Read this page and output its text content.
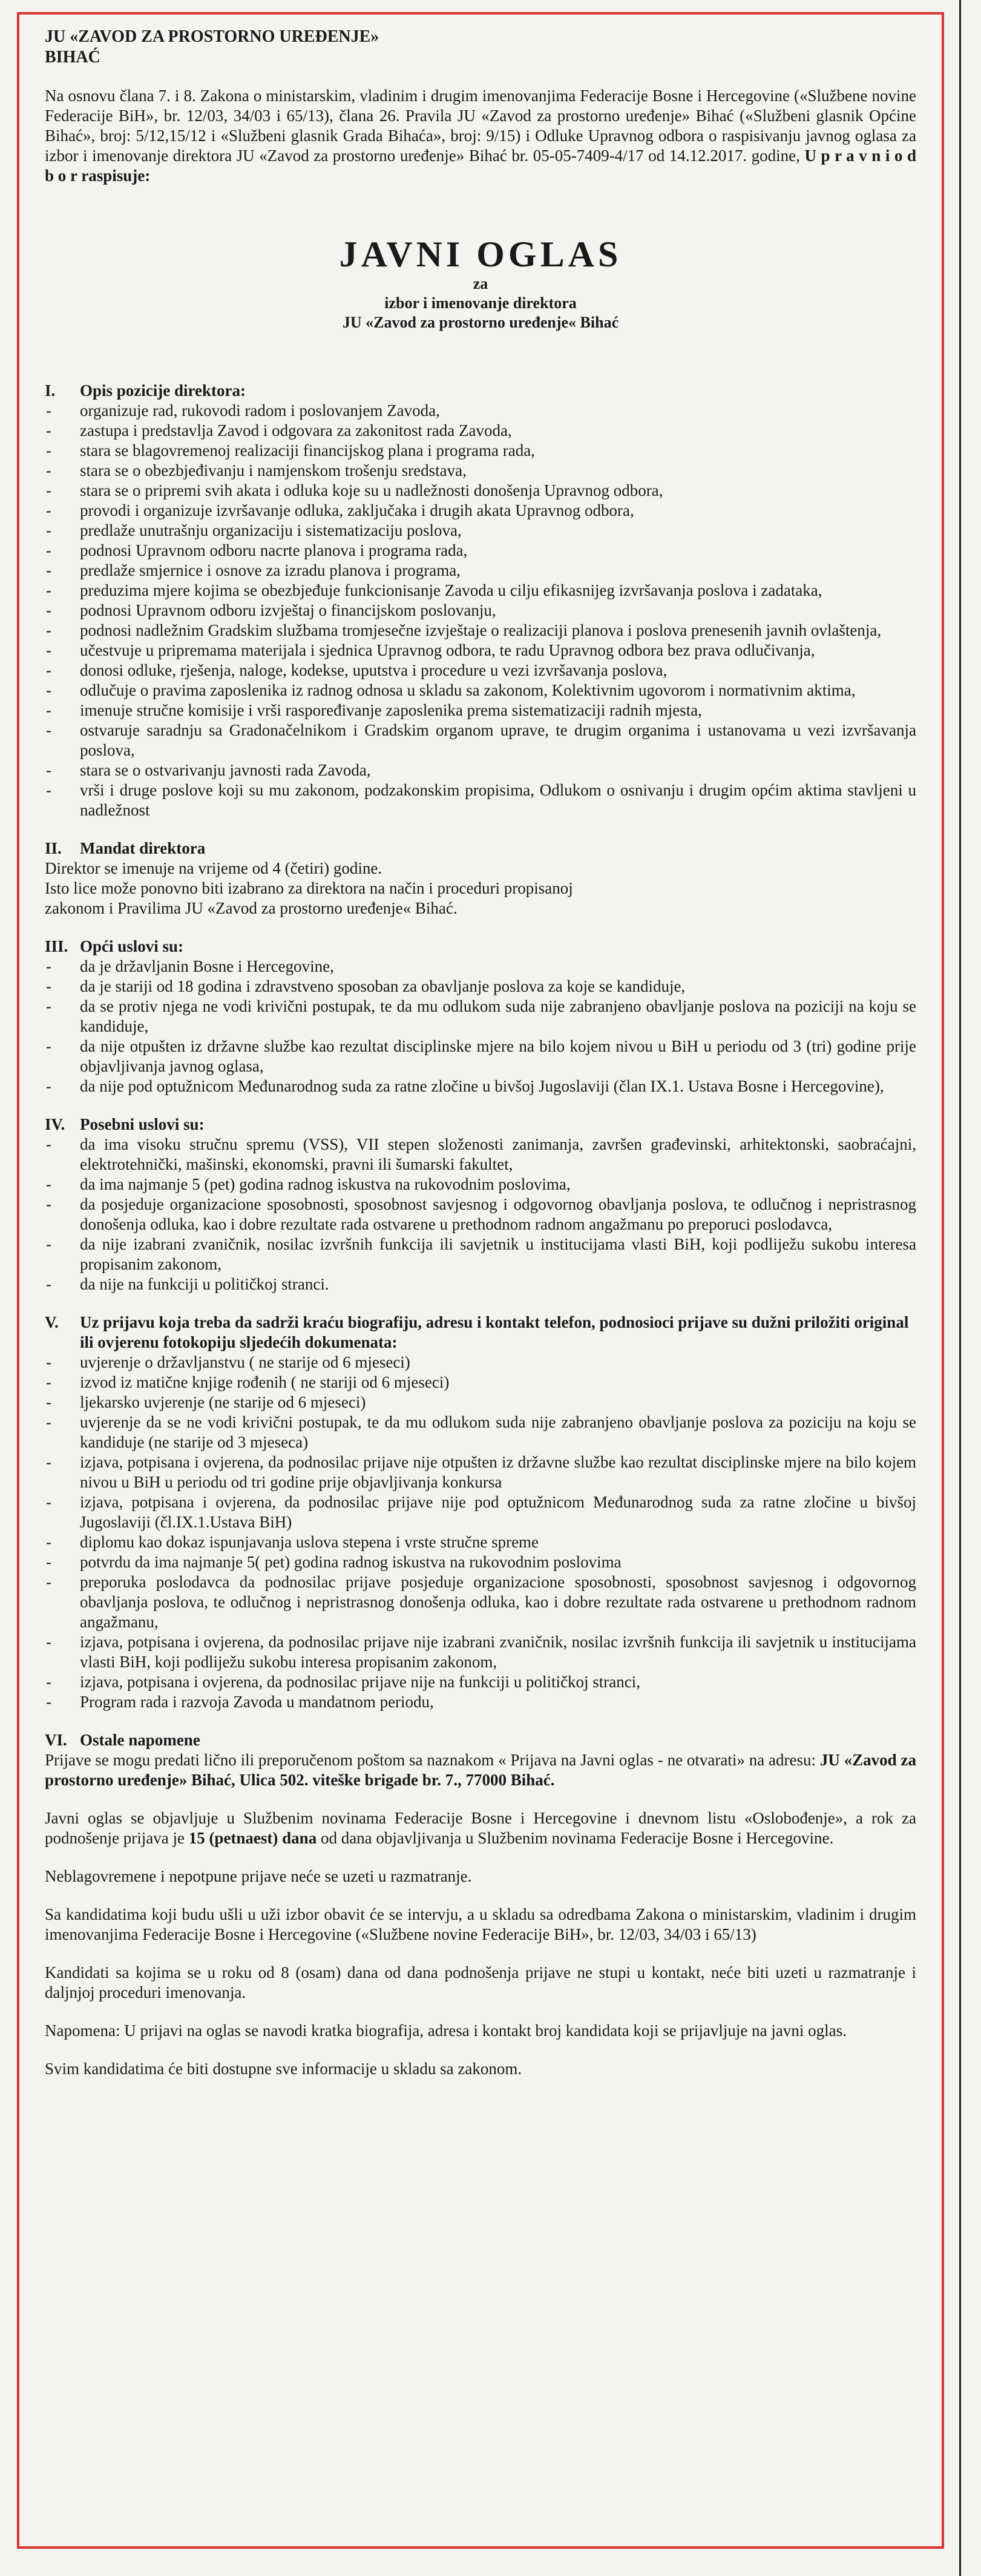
JU «ZAVOD ZA PROSTORNO UREĐENJE»
BIHAĆ
Na osnovu člana 7. i 8. Zakona o ministarskim, vladinim i drugim imenovanjima Federacije Bosne i Hercegovine («Službene novine Federacije BiH», br. 12/03, 34/03 i 65/13), člana 26. Pravila JU «Zavod za prostorno uređenje» Bihać («Službeni glasnik Općine Bihać», broj: 5/12,15/12 i «Službeni glasnik Grada Bihaća», broj: 9/15) i Odluke Upravnog odbora o raspisivanju javnog oglasa za izbor i imenovanje direktora JU «Zavod za prostorno uređenje» Bihać br. 05-05-7409-4/17 od 14.12.2017. godine, U p r a v n i o d b o r raspisuje:
JAVNI OGLAS
za
izbor i imenovanje direktora
JU «Zavod za prostorno uređenje« Bihać
I.	Opis pozicije direktora:
- organizuje rad, rukovodi radom i poslovanjem Zavoda,
- zastupa i predstavlja Zavod i odgovara za zakonitost rada Zavoda,
- stara se blagovremenoj realizaciji financijskog plana i programa rada,
- stara se o obezbjeđivanju i namjenskom trošenju sredstava,
- stara se o pripremi svih akata i odluka koje su u nadležnosti donošenja Upravnog odbora,
- provodi i organizuje izvršavanje odluka, zaključaka i drugih akata Upravnog odbora,
- predlaže unutrašnju organizaciju i sistematizaciju poslova,
- podnosi Upravnom odboru nacrte planova i programa rada,
- predlaže smjernice i osnove za izradu planova i programa,
- preduzima mjere kojima se obezbjeđuje funkcionisanje Zavoda u cilju efikasnijeg izvršavanja poslova i zadataka,
- podnosi Upravnom odboru izvještaj o financijskom poslovanju,
- podnosi nadležnim Gradskim službama tromjesečne izvještaje o realizaciji planova i poslova prenesenih javnih ovlaštenja,
- učestvuje u pripremama materijala i sjednica Upravnog odbora, te radu Upravnog odbora bez prava odlučivanja,
- donosi odluke, rješenja, naloge, kodekse, uputstva i procedure u vezi izvršavanja poslova,
- odlučuje o pravima zaposlenika iz radnog odnosa u skladu sa zakonom, Kolektivnim ugovorom i normativnim aktima,
- imenuje stručne komisije i vrši raspoređivanje zaposlenika prema sistematizaciji radnih mjesta,
- ostvaruje saradnju sa Gradonačelnikom i Gradskim organom uprave, te drugim organima i ustanovama u vezi izvršavanja poslova,
- stara se o ostvarivanju javnosti rada Zavoda,
- vrši i druge poslove koji su mu zakonom, podzakonskim propisima, Odlukom o osnivanju i drugim općim aktima stavljeni u nadležnost
II.	Mandat direktora
Direktor se imenuje na vrijeme od 4 (četiri) godine.
Isto lice može ponovno biti izabrano za direktora na način i proceduri propisanoj
zakonom i Pravilima JU «Zavod za prostorno uređenje« Bihać.
III. Opći uslovi su:
- da je državljanin Bosne i Hercegovine,
- da je stariji od 18 godina i zdravstveno sposoban za obavljanje poslova za koje se kandiduje,
- da se protiv njega ne vodi krivični postupak, te da mu odlukom suda nije zabranjeno obavljanje poslova na poziciji na koju se kandiduje,
- da nije otpušten iz državne službe kao rezultat disciplinske mjere na bilo kojem nivou u BiH u periodu od 3 (tri) godine prije objavljivanja javnog oglasa,
- da nije pod optužnicom Međunarodnog suda za ratne zločine u bivšoj Jugoslaviji (član IX.1. Ustava Bosne i Hercegovine),
IV. Posebni uslovi su:
- da ima visoku stručnu spremu (VSS), VII stepen složenosti zanimanja, završen građevinski, arhitektonski, saobraćajni, elektrotehnički, mašinski, ekonomski, pravni ili šumarski fakultet,
- da ima najmanje 5 (pet) godina radnog iskustva na rukovodnim poslovima,
- da posjeduje organizacione sposobnosti, sposobnost savjesnog i odgovornog obavljanja poslova, te odlučnog i nepristrasnog donošenja odluka, kao i dobre rezultate rada ostvarene u prethodnom radnom angažmanu po preporuci poslodavca,
- da nije izabrani zvaničnik, nosilac izvršnih funkcija ili savjetnik u institucijama vlasti BiH, koji podliježu sukobu interesa propisanim zakonom,
- da nije na funkciji u političkoj stranci.
V.	Uz prijavu koja treba da sadrži kraću biografiju, adresu i kontakt telefon, podnosioci prijave su dužni priložiti original ili ovjerenu fotokopiju sljedećih dokumenata:
- uvjerenje o državljanstvu ( ne starije od 6 mjeseci)
- izvod iz matične knjige rođenih ( ne stariji od 6 mjeseci)
- ljekarsko uvjerenje (ne starije od 6 mjeseci)
- uvjerenje da se ne vodi krivični postupak, te da mu odlukom suda nije zabranjeno obavljanje poslova za poziciju na koju se kandiduje (ne starije od 3 mjeseca)
- izjava, potpisana i ovjerena, da podnosilac prijave nije otpušten iz državne službe kao rezultat disciplinske mjere na bilo kojem nivou u BiH u periodu od tri godine prije objavljivanja konkursa
- izjava, potpisana i ovjerena, da podnosilac prijave nije pod optužnicom Međunarodnog suda za ratne zločine u bivšoj Jugoslaviji (čl.IX.1.Ustava BiH)
- diplomu kao dokaz ispunjavanja uslova stepena i vrste stručne spreme
- potvrdu da ima najmanje 5( pet) godina radnog iskustva na rukovodnim poslovima
- preporuka poslodavca da podnosilac prijave posjeduje organizacione sposobnosti, sposobnost savjesnog i odgovornog obavljanja poslova, te odlučnog i nepristrasnog donošenja odluka, kao i dobre rezultate rada ostvarene u prethodnom radnom angažmanu,
- izjava, potpisana i ovjerena, da podnosilac prijave nije izabrani zvaničnik, nosilac izvršnih funkcija ili savjetnik u institucijama vlasti BiH, koji podliježu sukobu interesa propisanim zakonom,
- izjava, potpisana i ovjerena, da podnosilac prijave nije na funkciji u političkoj stranci,
- Program rada i razvoja Zavoda u mandatnom periodu,
VI. Ostale napomene
Prijave se mogu predati lično ili preporučenom poštom sa naznakom « Prijava na Javni oglas - ne otvarati» na adresu: JU «Zavod za prostorno uređenje» Bihać, Ulica 502. viteške brigade br. 7., 77000 Bihać.
Javni oglas se objavljuje u Službenim novinama Federacije Bosne i Hercegovine i dnevnom listu «Oslobođenje», a rok za podnošenje prijava je 15 (petnaest) dana od dana objavljivanja u Službenim novinama Federacije Bosne i Hercegovine.
Neblagovremene i nepotpune prijave neće se uzeti u razmatranje.
Sa kandidatima koji budu ušli u uži izbor obavit će se intervju, a u skladu sa odredbama Zakona o ministarskim, vladinim i drugim imenovanjima Federacije Bosne i Hercegovine («Službene novine Federacije BiH», br. 12/03, 34/03 i 65/13)
Kandidati sa kojima se u roku od 8 (osam) dana od dana podnošenja prijave ne stupi u kontakt, neće biti uzeti u razmatranje i daljnjoj proceduri imenovanja.
Napomena: U prijavi na oglas se navodi kratka biografija, adresa i kontakt broj kandidata koji se prijavljuje na javni oglas.
Svim kandidatima će biti dostupne sve informacije u skladu sa zakonom.
